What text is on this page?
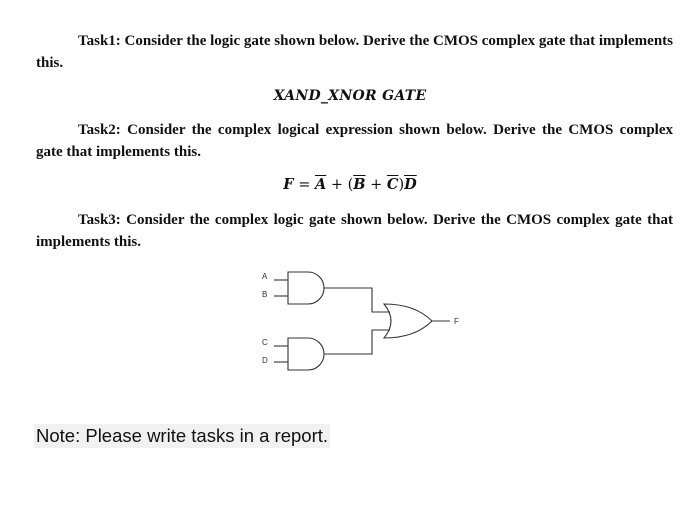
Task1: Consider the logic gate shown below. Derive the CMOS complex gate that implements this.
XAND_XNOR GATE
Task2: Consider the complex logical expression shown below. Derive the CMOS complex gate that implements this.
$F = \overline{A} + (\overline{B} + \overline{C})\overline{D}$
Task3: Consider the complex logic gate shown below. Derive the CMOS complex gate that implements this.
A
B
C
D
F
Note: Please write tasks in a report.
